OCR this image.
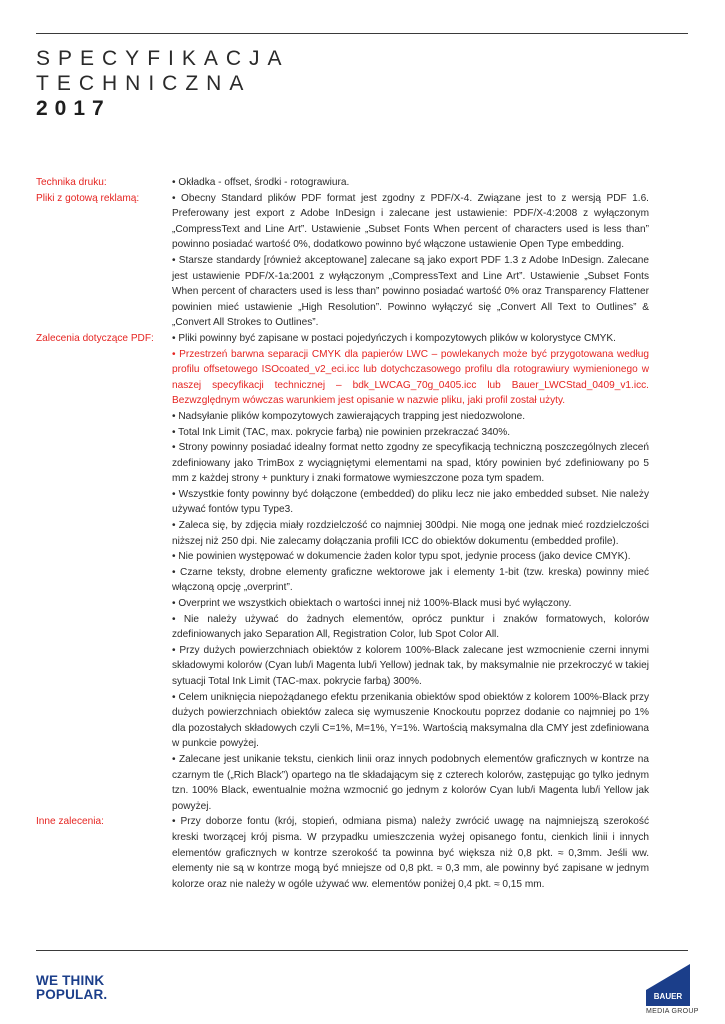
SPECYFIKACJA
TECHNICZNA
2017
Technika druku:	• Okładka - offset, środki - rotograwiura.
Pliki z gotową reklamą:	• Obecny Standard plików PDF format jest zgodny z PDF/X-4. Związane jest to z wersją PDF 1.6. Preferowany jest export z Adobe InDesign i zalecane jest ustawienie: PDF/X-4:2008 z wyłączonym „CompressText and Line Art”. Ustawienie „Subset Fonts When percent of characters used is less than” powinno posiadać wartość 0%, dodatkowo powinno być włączone ustawienie Open Type embedding.
• Starsze standardy [również akceptowane] zalecane są jako export PDF 1.3 z Adobe InDesign. Zalecane jest ustawienie PDF/X-1a:2001 z wyłączonym „CompressText and Line Art”. Ustawienie „Subset Fonts When percent of characters used is less than” powinno posiadać wartość 0% oraz Transparency Flattener powinien mieć ustawienie „High Resolution”. Powinno wyłączyć się „Convert All Text to Outlines” & „Convert All Strokes to Outlines”.
Zalecenia dotyczące PDF:	• Pliki powinny być zapisane w postaci pojedyńczych i kompozytowych plików w kolorystyce CMYK.
• Przestrzeń barwna separacji CMYK dla papierów LWC – powlekanych może być przygotowana według profilu offsetowego ISOcoated_v2_eci.icc lub dotychczasowego profilu dla rotograwiury wymienionego w naszej specyfikacji technicznej – bdk_LWCAG_70g_0405.icc lub Bauer_LWCStad_0409_v1.icc. Bezwzględnym wówczas warunkiem jest opisanie w nazwie pliku, jaki profil został użyty.
• Nadsyłanie plików kompozytowych zawierających trapping jest niedozwolone.
• Total Ink Limit (TAC, max. pokrycie farbą) nie powinien przekraczać 340%.
• Strony powinny posiadać idealny format netto zgodny ze specyfikacją techniczną poszczególnych zleceń zdefiniowany jako TrimBox z wyciągniętymi elementami na spad, który powinien być zdefiniowany po 5 mm z każdej strony + punktury i znaki formatowe wymieszczone poza tym spadem.
• Wszystkie fonty powinny być dołączone (embedded) do pliku lecz nie jako embedded subset. Nie należy używać fontów typu Type3.
• Zaleca się, by zdjęcia miały rozdzielczość co najmniej 300dpi. Nie mogą one jednak mieć rozdzielczości niższej niż 250 dpi. Nie zalecamy dołączania profili ICC do obiektów dokumentu (embedded profile).
• Nie powinien występować w dokumencie żaden kolor typu spot, jedynie process (jako device CMYK).
• Czarne teksty, drobne elementy graficzne wektorowe jak i elementy 1-bit (tzw. kreska) powinny mieć włączoną opcję „overprint”.
• Overprint we wszystkich obiektach o wartości innej niż 100%-Black musi być wyłączony.
• Nie należy używać do żadnych elementów, oprócz punktur i znaków formatowych, kolorów zdefiniowanych jako Separation All, Registration Color, lub Spot Color All.
• Przy dużych powierzchniach obiektów z kolorem 100%-Black zalecane jest wzmocnienie czerni innymi składowymi kolorów (Cyan lub/i Magenta lub/i Yellow) jednak tak, by maksymalnie nie przekroczyć w takiej sytuacji Total Ink Limit (TAC-max. pokrycie farbą) 300%.
• Celem uniknięcia niepożądanego efektu przenikania obiektów spod obiektów z kolorem 100%-Black przy dużych powierzchniach obiektów zaleca się wymuszenie Knockoutu poprzez dodanie co najmniej po 1% dla pozostałych składowych czyli C=1%, M=1%, Y=1%. Wartością maksymalna dla CMY jest zdefiniowana w punkcie powyżej.
• Zalecane jest unikanie tekstu, cienkich linii oraz innych podobnych elementów graficznych w kontrze na czarnym tle („Rich Black”) opartego na tle składającym się z czterech kolorów, zastępując go tylko jednym tzn. 100% Black, ewentualnie można wzmocnić go jednym z kolorów Cyan lub/i Magenta lub/i Yellow jak powyżej.
Inne zalecenia:	• Przy doborze fontu (krój, stopień, odmiana pisma) należy zwrócić uwagę na najmniejszą szerokość kreski tworzącej krój pisma. W przypadku umieszczenia wyżej opisanego fontu, cienkich linii i innych elementów graficznych w kontrze szerokość ta powinna być większa niż 0,8 pkt. ≈ 0,3mm. Jeśli ww. elementy nie są w kontrze mogą być mniejsze od 0,8 pkt. ≈ 0,3 mm, ale powinny być zapisane w jednym kolorze oraz nie należy w ogóle używać ww. elementów poniżej 0,4 pkt. ≈ 0,15 mm.
WE THINK
POPULAR.	BAUER
MEDIA GROUP
